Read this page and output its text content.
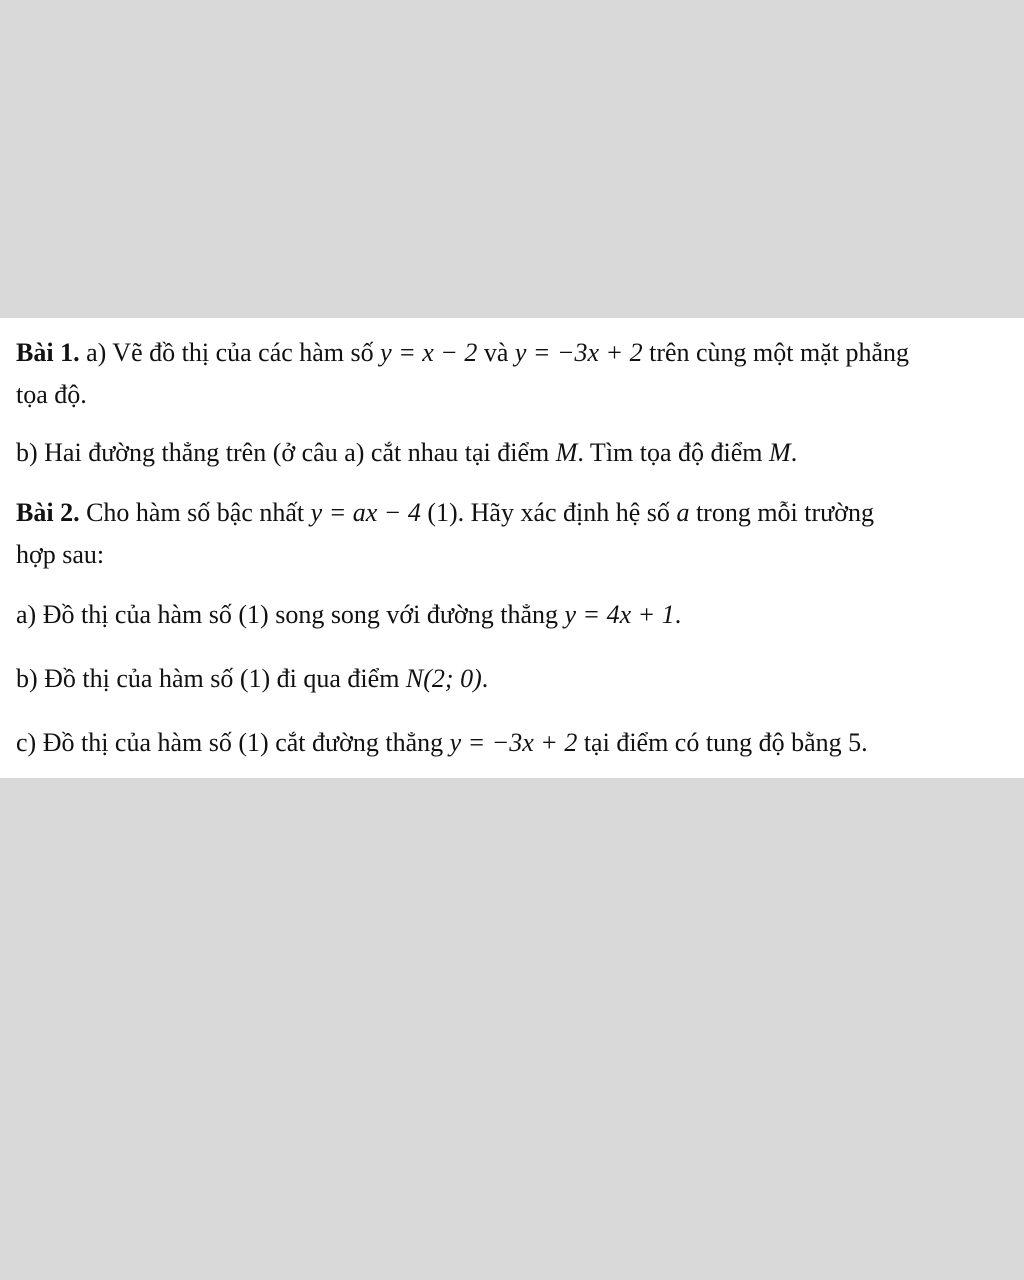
Bài 1. a) Vẽ đồ thị của các hàm số y = x − 2 và y = −3x + 2 trên cùng một mặt phẳng
tọa độ.
b) Hai đường thẳng trên (ở câu a) cắt nhau tại điểm M. Tìm tọa độ điểm M.
Bài 2. Cho hàm số bậc nhất y = ax − 4 (1). Hãy xác định hệ số a trong mỗi trường
hợp sau:
a) Đồ thị của hàm số (1) song song với đường thẳng y = 4x + 1.
b) Đồ thị của hàm số (1) đi qua điểm N(2; 0).
c) Đồ thị của hàm số (1) cắt đường thẳng y = −3x + 2 tại điểm có tung độ bằng 5.
